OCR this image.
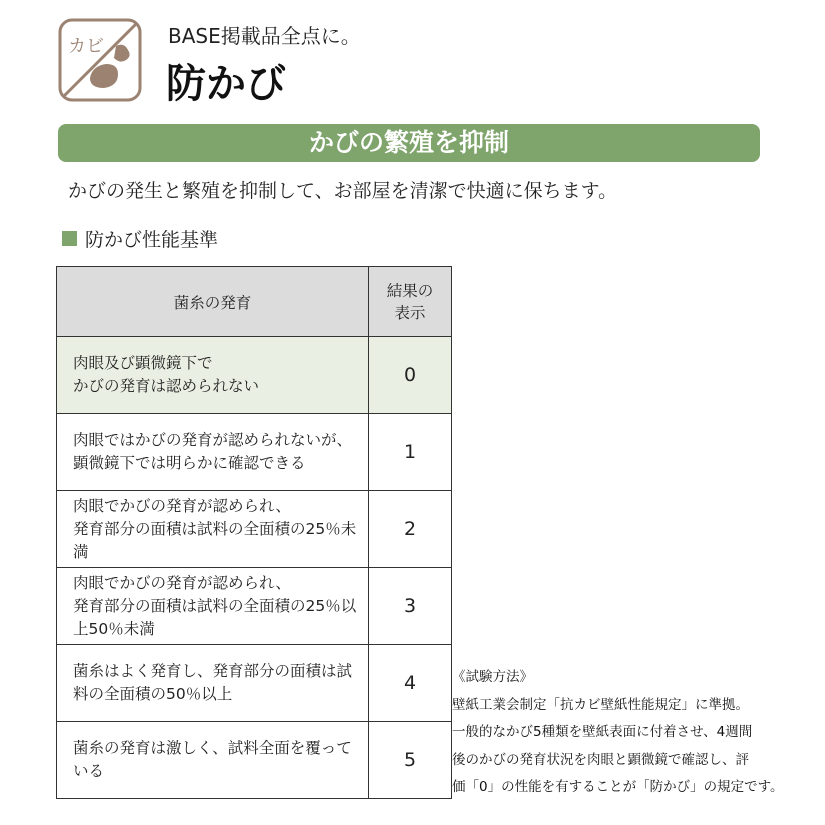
カビ	BASE掲載品全点に。
防かび
かびの繁殖を抑制
かびの発生と繁殖を抑制して、お部屋を清潔で快適に保ちます。
防かび性能基準
菌糸の発育	結果の
表示
肉眼及び顕微鏡下で
かびの発育は認められない	0
肉眼ではかびの発育が認められないが、顕微鏡下では明らかに確認できる	1
肉眼でかびの発育が認められ、
発育部分の面積は試料の全面積の25％未満	2
肉眼でかびの発育が認められ、
発育部分の面積は試料の全面積の25％以上50％未満	3
菌糸はよく発育し、発育部分の面積は試料の全面積の50％以上	4
菌糸の発育は激しく、試料全面を覆っている	5
《試験方法》
壁紙工業会制定「抗カビ壁紙性能規定」に準拠。
一般的なかび5種類を壁紙表面に付着させ、4週間
後のかびの発育状況を肉眼と顕微鏡で確認し、評
価「0」の性能を有することが「防かび」の規定です。
